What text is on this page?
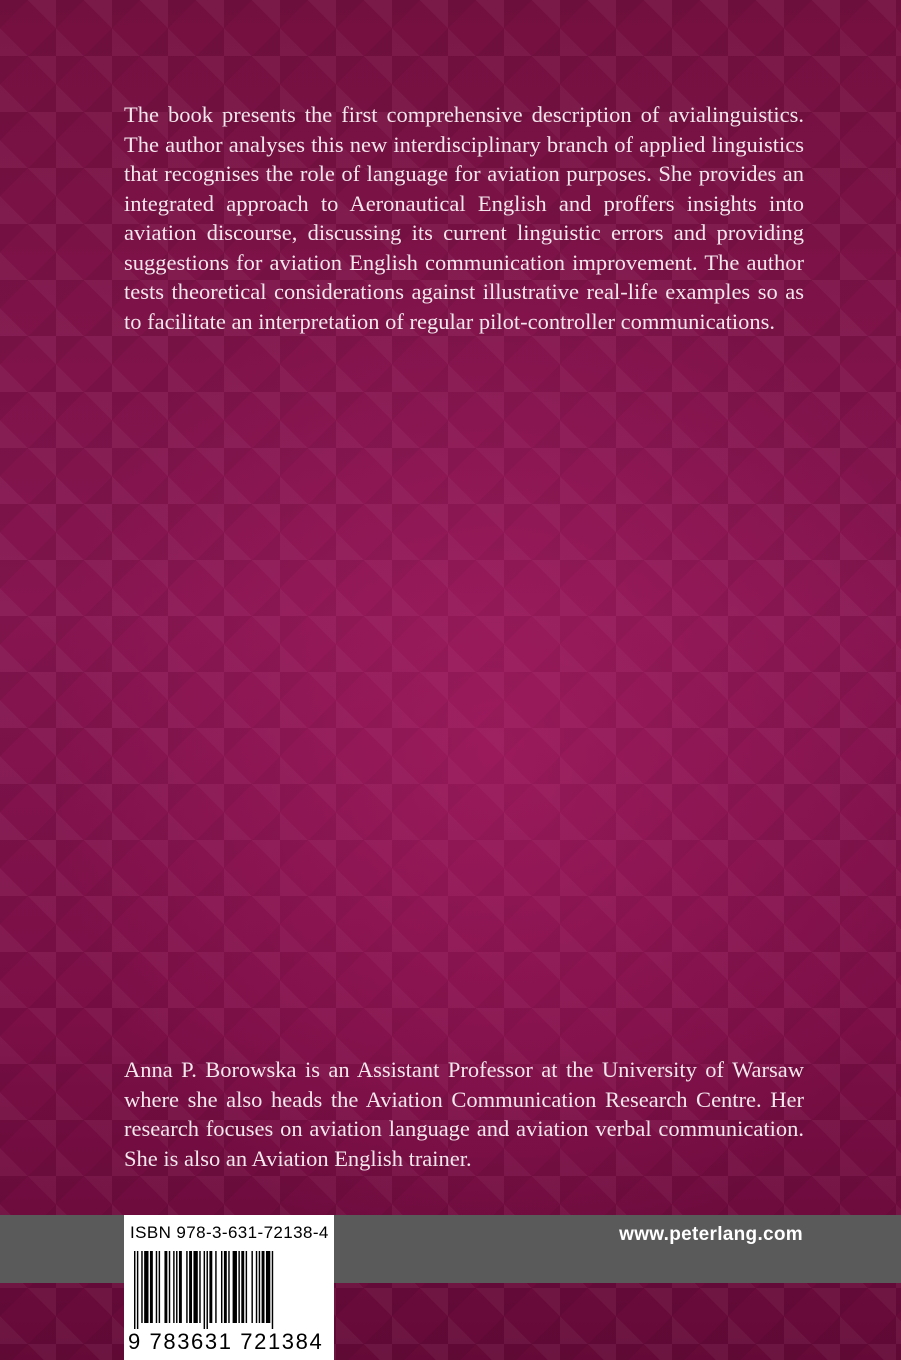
The book presents the first comprehensive description of avialinguistics. The author analyses this new interdisciplinary branch of applied linguistics that recognises the role of language for aviation purposes. She provides an integrated approach to Aeronautical English and proffers insights into aviation discourse, discussing its current linguistic errors and providing suggestions for aviation English communication improvement. The author tests theoretical considerations against illustrative real-life examples so as to facilitate an interpretation of regular pilot-controller communications.

Anna P. Borowska is an Assistant Professor at the University of Warsaw where she also heads the Aviation Communication Research Centre. Her research focuses on aviation language and aviation verbal communication. She is also an Aviation English trainer.

www.peterlang.com
ISBN 978-3-631-72138-4
9 783631 721384
